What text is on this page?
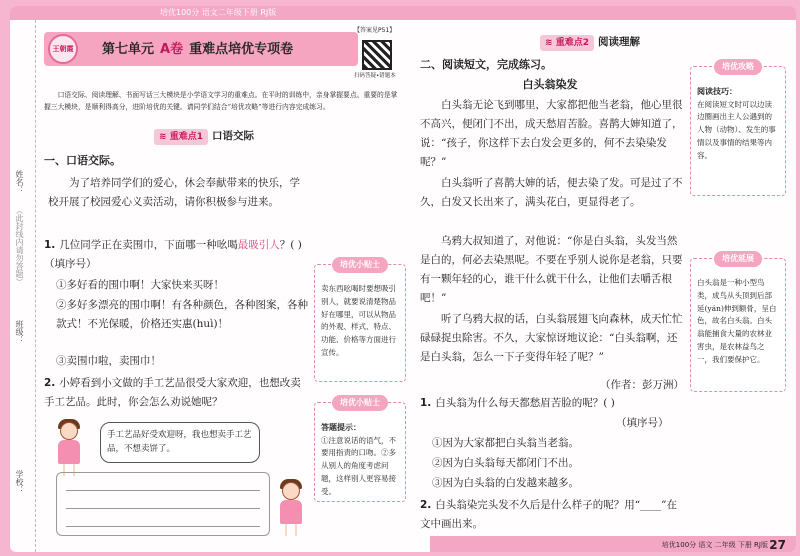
培优100分 语文二年级下册 RJ版
姓名：
（此封线内请勿答题）
班级：
学校：
王朝霞	第七单元 A卷 重难点培优专项卷
【答案见P51】
扫码答疑•错题本
口语交际、阅读理解、书面写话三大模块是小学语文学习的重难点。在平时的训练中，亲身掌握要点。重要的是掌握三大模块，是顺利得高分，进阶培优的关键。请同学们结合“培优攻略”等进行内容完成练习。
≋ 重难点1 口语交际
一、口语交际。
为了培养同学们的爱心，休会奉献带来的快乐，学校开展了校园爱心义卖活动，请你积极参与进来。
1. 几位同学正在卖围巾，下面哪一种吆喝最吸引人？( )（填序号）
①多好看的围巾啊！大家快来买呀！
②多好多漂亮的围巾啊！有各种颜色，各种图案，各种款式！不光保暖，价格还实惠(huì)！
③卖围巾啦，卖围巾！
2. 小婷看到小文做的手工艺品很受大家欢迎，也想改卖手工艺品。此时，你会怎么劝说她呢？
手工艺品好受欢迎呀，我也想卖手工艺品，不想卖饼了。
培优小贴士
卖东西吆喝时要想吸引别人，就要说清楚物品好在哪里，可以从物品的外观、样式、特点、功能、价格等方面进行宣传。
培优小贴士
答题提示：
①注意说话的语气，不要用指责的口吻。②多从别人的角度考虑问题，这样别人更容易接受。
≋ 重难点2 阅读理解
二、阅读短文，完成练习。
白头翁染发
白头翁无论飞到哪里，大家都把他当老翁，他心里很不高兴，便闭门不出，成天愁眉苦脸。喜鹊大婶知道了，说：“孩子，你这样下去白发会更多的，何不去染染发呢？”
白头翁听了喜鹊大婶的话，便去染了发。可是过了不久，白发又长出来了，满头花白，更显得老了。
乌鸦大叔知道了，对他说：“你是白头翁，头发当然是白的，何必去染黑呢。不要在乎别人说你是老翁，只要有一颗年轻的心，谁干什么就干什么，让他们去嚼舌根吧！”
听了乌鸦大叔的话，白头翁展翅飞向森林，成天忙忙碌碌捉虫除害。不久，大家惊讶地议论：“白头翁啊，还是白头翁，怎么一下子变得年轻了呢？”
（作者：彭万洲）
1. 白头翁为什么每天都愁眉苦脸的呢？( )
（填序号）
①因为大家都把白头翁当老翁。
②因为白头翁每天都闭门不出。
③因为白头翁的白发越来越多。
2. 白头翁染完头发不久后是什么样子的呢？用“____”在文中画出来。
培优攻略
阅读技巧：
在阅读短文时可以边读边圈画出主人公遇到的人物（动物）、发生的事情以及事情的结果等内容。
培优延展
白头翁是一种小型鸟类，成鸟从头顶到后部延(yán)伸到额骨，呈白色，故名白头翁。白头翁能捕食大量的农林业害虫，是农林益鸟之一，我们要保护它。
培优100分 语文 二年级 下册 RJ版 27
